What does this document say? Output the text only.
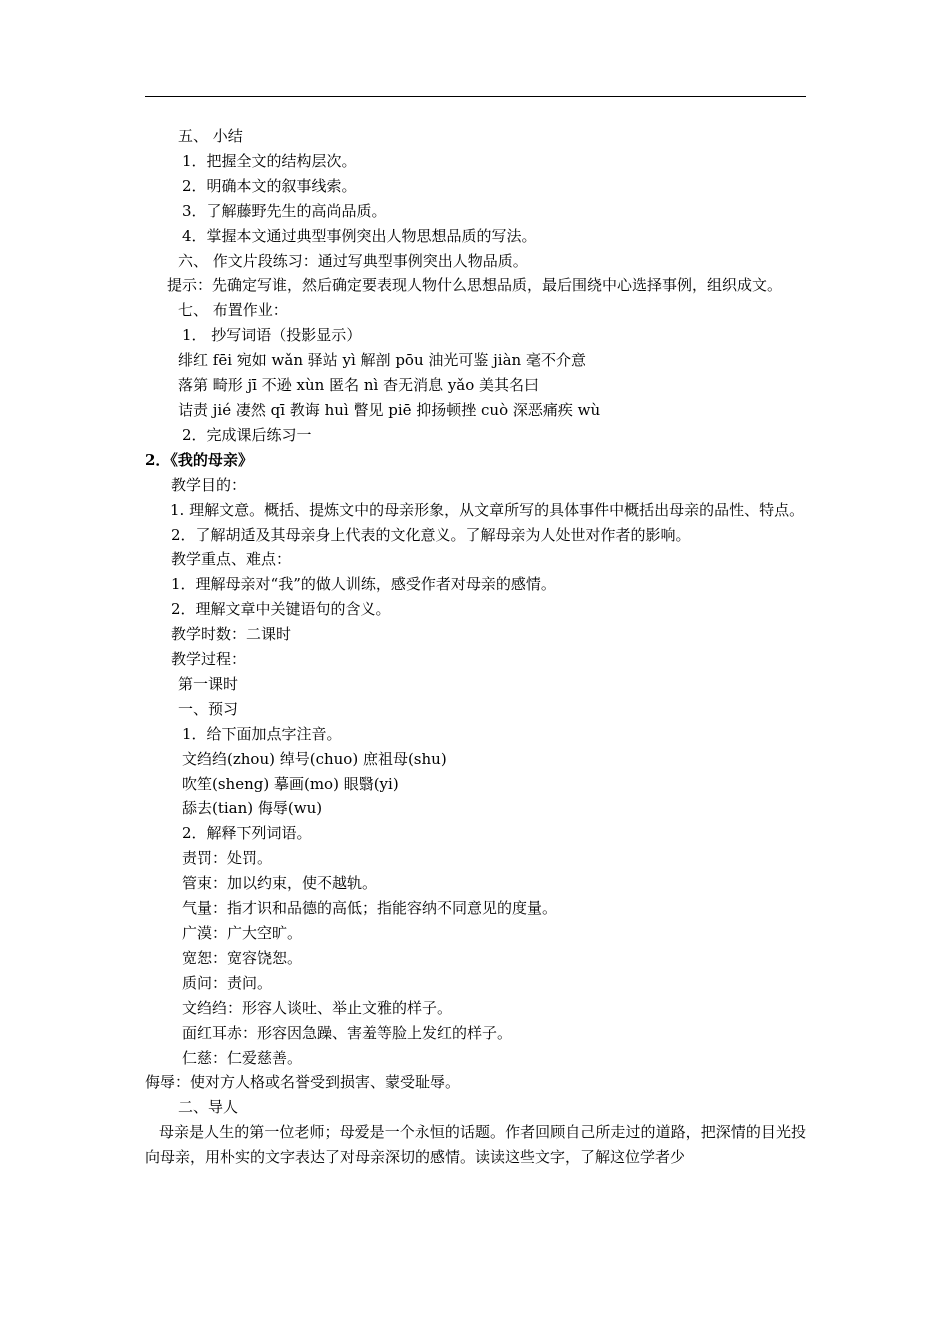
五、 小结
1．把握全文的结构层次。
2．明确本文的叙事线索。
3．了解藤野先生的高尚品质。
4．掌握本文通过典型事例突出人物思想品质的写法。
六、 作文片段练习：通过写典型事例突出人物品质。
提示：先确定写谁，然后确定要表现人物什么思想品质，最后围绕中心选择事例，组织成文。
七、 布置作业：
1． 抄写词语（投影显示）
绯红 fēi 宛如 wǎn 驿站 yì 解剖 pōu 油光可鉴 jiàn 毫不介意
落第 畸形 jī 不逊 xùn 匿名 nì 杳无消息 yǎo 美其名曰
诘责 jié 凄然 qī 教诲 huì 瞥见 piē 抑扬顿挫 cuò 深恶痛疾 wù
2．完成课后练习一
2．《我的母亲》
教学目的：
1. 理解文意。概括、提炼文中的母亲形象，从文章所写的具体事件中概括出母亲的品性、特点。
2．了解胡适及其母亲身上代表的文化意义。了解母亲为人处世对作者的影响。
教学重点、难点：
1．理解母亲对“我”的做人训练，感受作者对母亲的感情。
2．理解文章中关键语句的含义。
教学时数：二课时
教学过程：
第一课时
一、预习
1．给下面加点字注音。
文绉绉(zhou) 绰号(chuo) 庶祖母(shu)
吹笙(sheng) 摹画(mo) 眼翳(yi)
舔去(tian) 侮辱(wu)
2．解释下列词语。
责罚：处罚。
管束：加以约束，使不越轨。
气量：指才识和品德的高低；指能容纳不同意见的度量。
广漠：广大空旷。
宽恕：宽容饶恕。
质问：责问。
文绉绉：形容人谈吐、举止文雅的样子。
面红耳赤：形容因急躁、害羞等脸上发红的样子。
仁慈：仁爱慈善。
侮辱：使对方人格或名誉受到损害、蒙受耻辱。
二、导人
母亲是人生的第一位老师；母爱是一个永恒的话题。作者回顾自己所走过的道路，把深情的目光投向母亲，用朴实的文字表达了对母亲深切的感情。读读这些文字，了解这位学者少
